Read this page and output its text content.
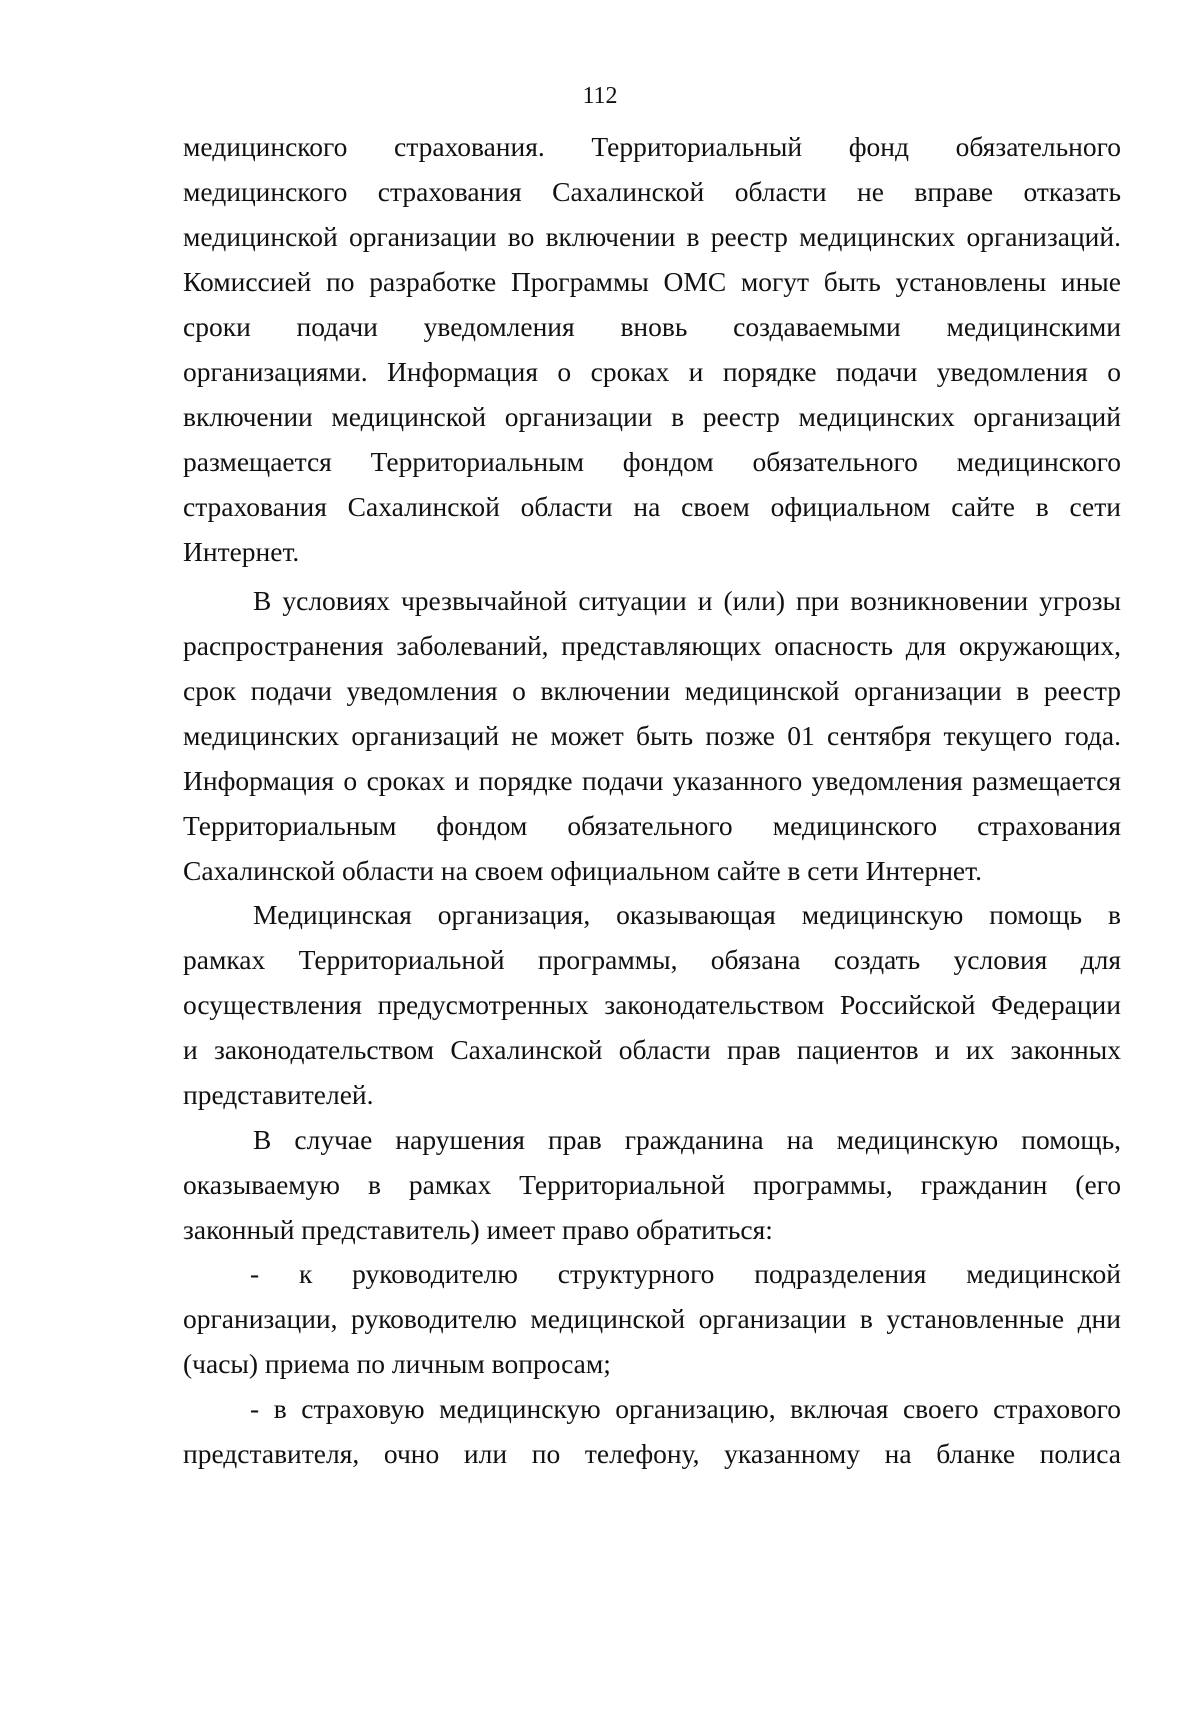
112
медицинского страхования. Территориальный фонд обязательного
медицинского страхования Сахалинской области не вправе отказать
медицинской организации во включении в реестр медицинских организаций.
Комиссией по разработке Программы ОМС могут быть установлены иные
сроки подачи уведомления вновь создаваемыми медицинскими
организациями. Информация о сроках и порядке подачи уведомления о
включении медицинской организации в реестр медицинских организаций
размещается Территориальным фондом обязательного медицинского
страхования Сахалинской области на своем официальном сайте в сети
Интернет.
В условиях чрезвычайной ситуации и (или) при возникновении угрозы
распространения заболеваний, представляющих опасность для окружающих,
срок подачи уведомления о включении медицинской организации в реестр
медицинских организаций не может быть позже 01 сентября текущего года.
Информация о сроках и порядке подачи указанного уведомления размещается
Территориальным фондом обязательного медицинского страхования
Сахалинской области на своем официальном сайте в сети Интернет.
Медицинская организация, оказывающая медицинскую помощь в
рамках Территориальной программы, обязана создать условия для
осуществления предусмотренных законодательством Российской Федерации
и законодательством Сахалинской области прав пациентов и их законных
представителей.
В случае нарушения прав гражданина на медицинскую помощь,
оказываемую в рамках Территориальной программы, гражданин (его
законный представитель) имеет право обратиться:
- к руководителю структурного подразделения медицинской
организации, руководителю медицинской организации в установленные дни
(часы) приема по личным вопросам;
- в страховую медицинскую организацию, включая своего страхового
представителя, очно или по телефону, указанному на бланке полиса
